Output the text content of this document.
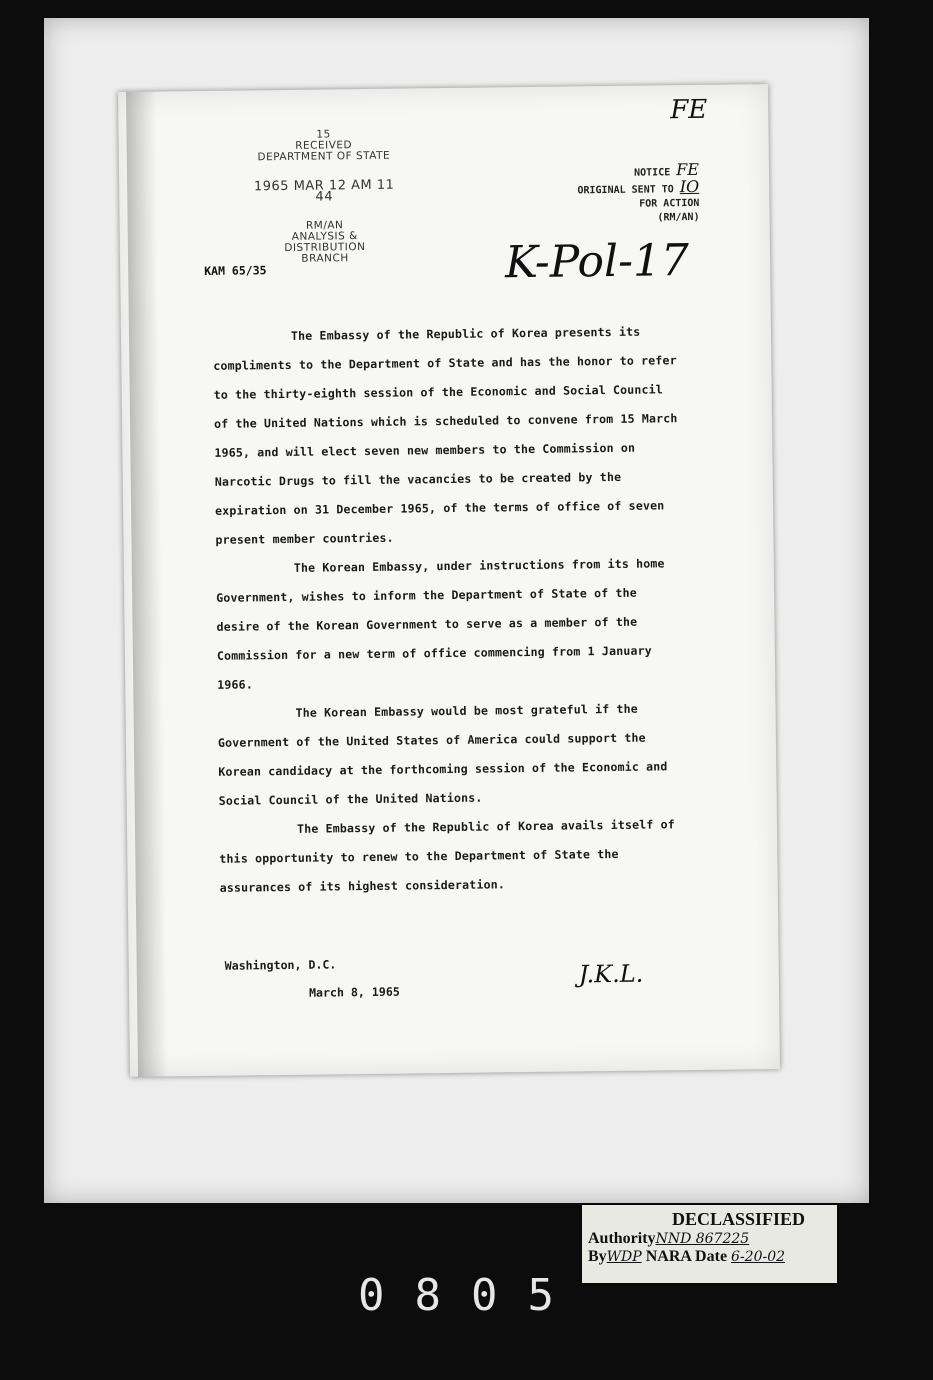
15
RECEIVED
DEPARTMENT OF STATE
1965 MAR 12 AM 11 44
RM/AN
ANALYSIS & DISTRIBUTION
BRANCH
FE
NOTICE FE
ORIGINAL SENT TO IO
FOR ACTION
(RM/AN)
K-Pol-17
KAM 65/35

The Embassy of the Republic of Korea presents its compliments to the Department of State and has the honor to refer to the thirty-eighth session of the Economic and Social Council of the United Nations which is scheduled to convene from 15 March 1965, and will elect seven new members to the Commission on Narcotic Drugs to fill the vacancies to be created by the expiration on 31 December 1965, of the terms of office of seven present member countries.

The Korean Embassy, under instructions from its home Government, wishes to inform the Department of State of the desire of the Korean Government to serve as a member of the Commission for a new term of office commencing from 1 January 1966.

The Korean Embassy would be most grateful if the Government of the United States of America could support the Korean candidacy at the forthcoming session of the Economic and Social Council of the United Nations.

The Embassy of the Republic of Korea avails itself of this opportunity to renew to the Department of State the assurances of its highest consideration.

Washington, D.C.
March 8, 1965
J.K.L.
DECLASSIFIED
AuthorityNND 867225
ByWDP NARA Date 6-20-02
0805
